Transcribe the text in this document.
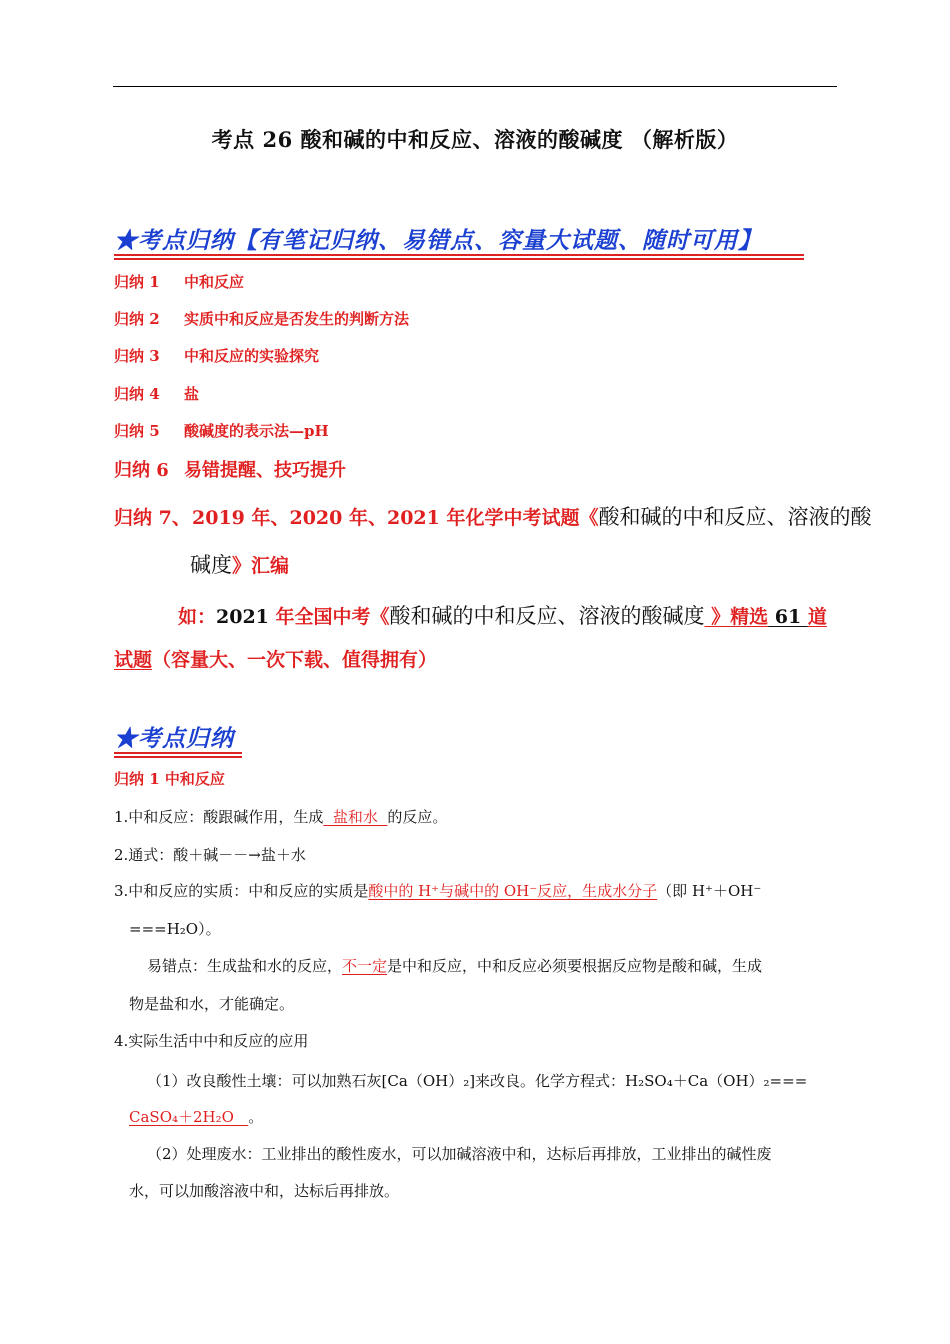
考点 26 酸和碱的中和反应、溶液的酸碱度 （解析版）
★考点归纳【有笔记归纳、易错点、容量大试题、随时可用】
归纳 1 中和反应
归纳 2 实质中和反应是否发生的判断方法
归纳 3 中和反应的实验探究
归纳 4 盐
归纳 5 酸碱度的表示法—pH
归纳 6 易错提醒、技巧提升
归纳 7、2019 年、2020 年、2021 年化学中考试题《酸和碱的中和反应、溶液的酸
碱度》汇编
如：2021 年全国中考《酸和碱的中和反应、溶液的酸碱度 》精选 61 道
试题（容量大、一次下载、值得拥有）
★考点归纳
归纳 1 中和反应
1.中和反应：酸跟碱作用，生成  盐和水  的反应。
2.通式：酸＋碱－－→盐＋水
3.中和反应的实质：中和反应的实质是酸中的 H⁺与碱中的 OH⁻反应，生成水分子（即 H⁺＋OH⁻
===H₂O）。
易错点：生成盐和水的反应，不一定是中和反应，中和反应必须要根据反应物是酸和碱，生成
物是盐和水，才能确定。
4.实际生活中中和反应的应用
（1）改良酸性土壤：可以加熟石灰[Ca（OH）₂]来改良。化学方程式：H₂SO₄＋Ca（OH）₂===
CaSO₄＋2H₂O   。
（2）处理废水：工业排出的酸性废水，可以加碱溶液中和，达标后再排放，工业排出的碱性废
水，可以加酸溶液中和，达标后再排放。
